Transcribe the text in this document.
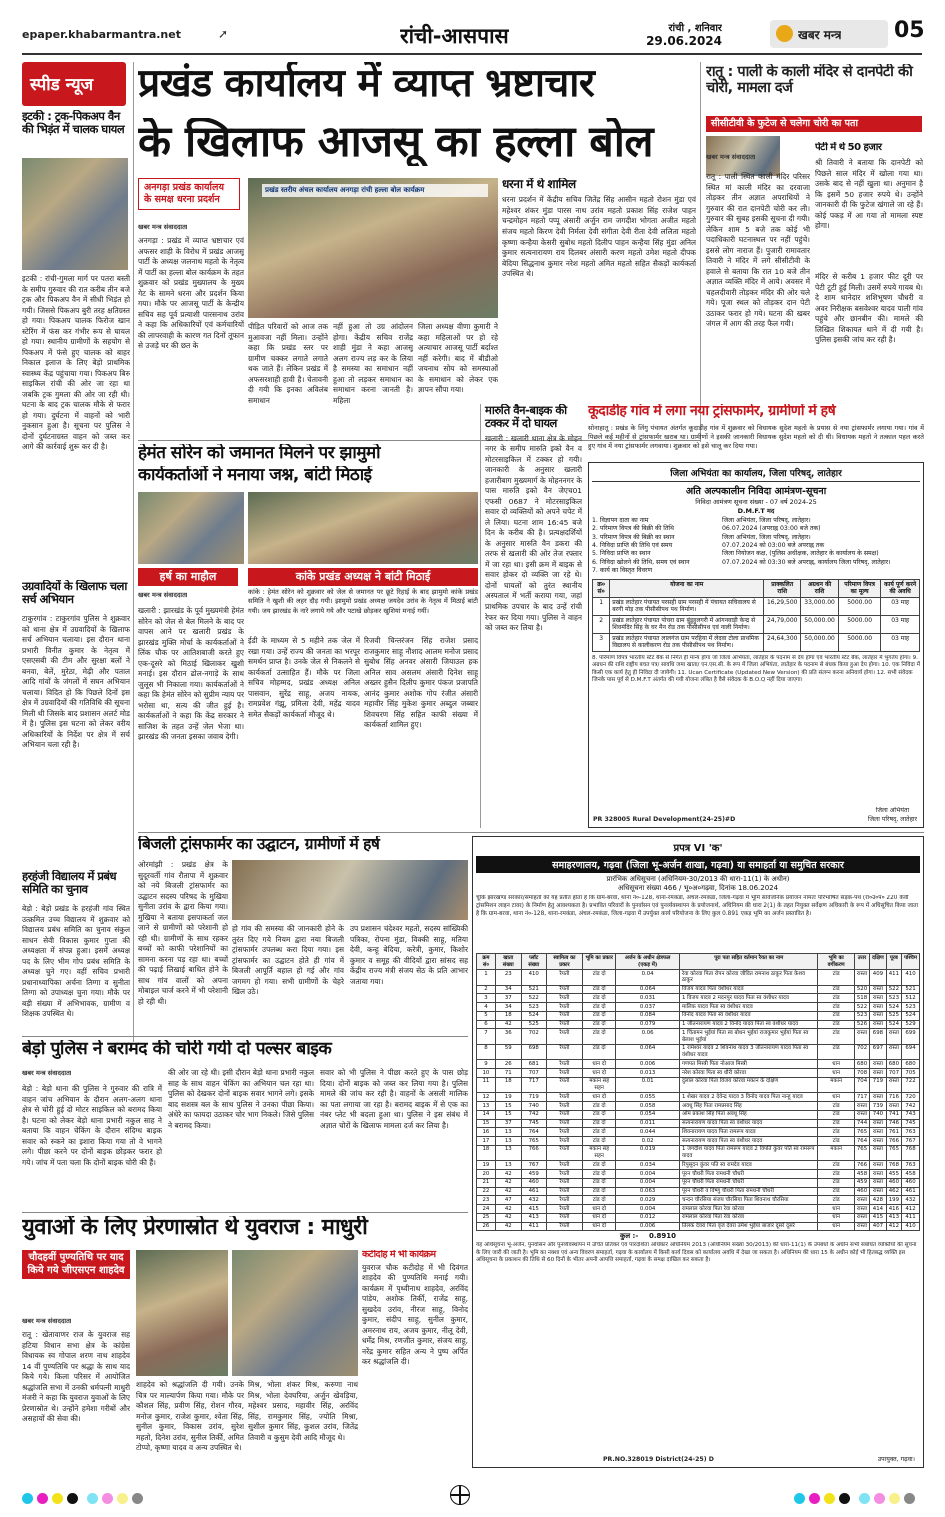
epaper.khabarmantra.net	➚	रांची-आसपास	रांची , शनिवार
29.06.2024	खबर मन्त्र 05
स्पीड न्यूज
इटकी : ट्रक-पिकअप वैन की भिड़ंत में चालक घायल
इटकी : रांची-गुमला मार्ग पर पतरा बस्ती के समीप गुरुवार की रात करीब तीन बजे ट्रक और पिकअप वैन में सीधी भिड़ंत हो गयी। जिससे पिकअप बुरी तरह क्षतिग्रस्त हो गया। पिकअप चालक फिरोज खान स्टेरिंग में फंस कर गंभीर रूप से घायल हो गया। स्थानीय ग्रामीणों के सहयोग से पिकअप में फंसे हुए चालक को बाहर निकाल इलाज के लिए बेड़ो प्राथमिक स्वास्थ्य केंद्र पहुंचाया गया। पिकअप बिरु साइकिल रांची की ओर जा रहा था जबकि ट्रक गुमला की ओर जा रही थी। घटना के बाद ट्रक चालक मौके से फरार हो गया। दुर्घटना में वाहनों को भारी नुकसान हुआ है। सूचना पर पुलिस ने दोनों दुर्घटनाग्रस्त वाहन को जब्त कर आगे की कार्रवाई शुरू कर दी है।
उग्रवादियों के खिलाफ चला सर्च अभियान
टाकुरगांव : टाकुरगांव पुलिस ने शुक्रवार को थाना क्षेत्र में उग्रवादियों के खिलाफ सर्च अभियान चलाया। इस दौरान थाना प्रभारी विनीत कुमार के नेतृत्व में एसएसबी की टीम और सुरक्षा बलों ने बनवा, बेलें, मुरेठा, मेढ़ी और पताल आदि गांवों के जंगलों में सघन अभियान चलाया। विदित हो कि पिछले दिनों इस क्षेत्र में उग्रवादियों की गतिविधि की सूचना मिली थी जिसके बाद प्रशासन अलर्ट मोड में है। पुलिस इस घटना को लेकर वरीय अधिकारियों के निर्देश पर क्षेत्र में सर्च अभियान चला रही है।
हरहंजी विद्यालय में प्रबंध समिति का चुनाव
बेड़ो : बेड़ो प्रखंड के हरहंजी गांव स्थित उत्क्रमित उच्च विद्यालय में शुक्रवार को विद्यालय प्रबंध समिति का चुनाव संकुल साधन सेवी विकास कुमार गुप्ता की अध्यक्षता में संपन्न हुआ। इसमें अध्यक्ष पद के लिए भीम गोप प्रबंध समिति के अध्यक्ष चुने गए। वहीं सचिव प्रभारी प्रधानाध्यापिका अर्चना तिग्गा व सुनीता तिग्गा को उपाध्यक्ष चुना गया। मौके पर बड़ी संख्या में अभिभावक, ग्रामीण व शिक्षक उपस्थित थे।
प्रखंड कार्यालय में व्याप्त भ्रष्टाचार
के खिलाफ आजसू का हल्ला बोल
अनगड़ा प्रखंड कार्यालय के समक्ष धरना प्रदर्शन
खबर मन्त्र संवाददाता
अनगड़ा : प्रखंड में व्याप्त भ्रष्टाचार एवं अफसर शाही के विरोध में प्रखंड आजसू पार्टी के अध्यक्ष जलनाथ महतो के नेतृत्व में पार्टी का हल्ला बोल कार्यक्रम के तहत शुक्रवार को प्रखंड मुख्यालय के मुख्य गेट के सामने धरना और प्रदर्शन किया गया। मौके पर आजसू पार्टी के केन्द्रीय सचिव सह पूर्व प्रत्याशी पारसनाथ उरांव ने कहा कि अधिकारियों एवं कर्मचारियों की लापरवाही के कारण गत दिनों तूफान से उजड़े घर की छत के
प्रखंड स्तरीय अंचल कार्यालय अनगड़ा रांची हल्ला बोल कार्यक्रम
पीड़ित परिवारों को आज तक मुआवजा नहीं मिला। उन्होंने कहा कि प्रखंड स्तर पर ग्रामीण चक्कर लगाते लगाते थक जाते हैं। लेकिन प्रखंड में अफसरशाही हावी है। चेतावनी दी गयी कि इनका अविलंब समाधान
नहीं हुआ तो उग्र आंदोलन होगा। केंद्रीय सचिव राजेंद्र शाही मुंडा ने कहा आजसू अलग राज्य लड़ कर के लिया है समस्या का समाधान नहीं हुआ तो लड़कर समाधान का समाधान करना जानती है। महिला
जिला अध्यक्ष वीणा कुमारी ने कहा महिलाओं पर हो रहे अत्याचार आजसू पार्टी बर्दाश्त नहीं करेगी। बाद में बीडीओ जयनाथ सोय को समस्याओं के समाधान को लेकर एक ज्ञापन सौंपा गया।
धरना में थे शामिल
धरना प्रदर्शन में केंद्रीय सचिव जितेंद्र सिंह आसीन महतो रोशन मुंडा एवं महेश्वर शंकर मुंडा पारस नाथ उरांव महतो प्रकाश सिंह राजेश पाहन चन्द्रमोहन महतो पप्पू अंसारी अर्जुन राम जगदीश भोगता अजीत महतो संजय महतो किरण देवी निर्मला देवी संगीता देवी रीता देवी ललिता महतो कृष्णा कन्हैया केसरी सुबोध महतो दिलीप पाहन कन्हैया सिंह मुंडा अनिल कुमार सत्यनारायण राय दिलबर अंसारी करण महतो उमेश महतो दीपक बेदिया सिद्धनाथ कुमार नरेश महतो अमित महतो सहित सैकड़ों कार्यकर्ता उपस्थित थे।
रातू : पाली के काली मंदिर से दानपेटी की चोरी, मामला दर्ज
सीसीटीवी के फुटेज से चलेगा चोरी का पता
खबर मन्त्र संवाददाता
रातू : पाली स्थित काली मंदिर परिसर स्थित मां काली मंदिर का दरवाजा तोड़कर तीन अज्ञात अपराधियों ने गुरुवार की रात दानपेटी चोरी कर ली। गुरुवार की सुबह इसकी सूचना दी गयी। लेकिन शाम 5 बजे तक कोई भी पदाधिकारी घटनास्थल पर नहीं पहुंचे। इससे लोग नाराज हैं। पुजारी रामावतार तिवारी ने मंदिर में लगे सीसीटीवी के हवाले से बताया कि रात 10 बजे तीन अज्ञात व्यक्ति मंदिर में आये। अवसर में चहलदीवारी तोड़कर मंदिर की ओर चले गये। पूजा स्थल को तोड़कर दान पेटी उठाकर फरार हो गये। घटना की खबर जंगल में आग की तरह फैल गयी।
पेटी में थे 50 हजार
श्री तिवारी ने बताया कि दानपेटी को पिछले साल मंदिर में खोला गया था। उसके बाद से नहीं खुला था। अनुमान है कि इसमें 50 हजार रुपये थे। उन्होंने जानकारी दी कि फुटेज खंगाले जा रहे हैं। कोई पकड़ में आ गया तो मामला स्पष्ट होगा।
मंदिर से करीब 1 हजार फीट दूरी पर पेटी टूटी हुई मिली। उसमें रुपये गायब थे। दे शाम थानेदार शशिभूषण चौधरी व अवर निरीक्षक बसवेश्वर यादव पाली गांव पहुंचे और छानबीन की। मामले की लिखित शिकायत थाने में दी गयी है। पुलिस इसकी जांच कर रही है।
हेमंत सोरेन को जमानत मिलने पर झामुमो
कार्यकर्ताओं ने मनाया जश्न, बांटी मिठाई
हर्ष का माहौल	कांके प्रखंड अध्यक्ष ने बांटी मिठाई
कांके : हेमंत सोरेन को शुक्रवार को जेल से जमानत पर छूटे रिहाई के बाद झामुमो कांके प्रखंड समिति ने खुशी की लहर दौड़ गयी। झामुमो प्रखंड अध्यक्ष जयदेव उरांव के नेतृत्व में मिठाई बांटी गयी। जय झारखंड के नारे लगाये गये और पटाखे छोड़कर खुशियां मनाई गयीं।
खबर मन्त्र संवाददाता
खलारी : झारखंड के पूर्व मुख्यमंत्री हेमंत सोरेन को जेल से बेल मिलने के बाद पर वापस आने पर खलारी प्रखंड के झारखंड मुक्ति मोर्चा के कार्यकर्ताओं ने लिंक चौक पर आतिशबाजी करते हुए एक-दूसरे को मिठाई खिलाकर खुशी मनाई। इस दौरान ढोल-नगाड़े के साथ जुलूस भी निकाला गया। कार्यकर्ताओं ने कहा कि हेमंत सोरेन को सुप्रीम न्याय पर भरोसा था, सत्य की जीत हुई है। कार्यकर्ताओं ने कहा कि केंद्र सरकार ने साजिश के तहत उन्हें जेल भेजा था। झारखंड की जनता इसका जवाब देगी।
ईडी के माध्यम से 5 महीने तक जेल में रखा गया। उन्हें राज्य की जनता का भरपूर समर्थन प्राप्त है। उनके जेल से निकलने से कार्यकर्ता उत्साहित हैं। मौके पर जिला सचिव मोहम्मद, प्रखंड अध्यक्ष अनिल पासवान, सुरेंद्र साहू, अजय नायक, रामप्रवेश गंझू, प्रमिला देवी, महेंद्र यादव समेत सैकड़ों कार्यकर्ता मौजूद थे।
रिजवी चिन्तरंजन सिंह राजेश प्रसाद राजकुमार साहू नौशाद आलम मनोज प्रसाद सुबोध सिंह अनवर अंसारी जियाउल हक अनिल साव असलम अंसारी दिनेश साहू अख्तर हुसैन दिलीप कुमार पंकज प्रजापति आनंद कुमार अशोक गोप रंजीत अंसारी महावीर सिंह मुकेश कुमार अब्दुल जब्बार शिवचरण सिंह सहित काफी संख्या में कार्यकर्ता शामिल हुए।
मारुति वैन-बाइक की टक्कर में दो घायल
खलारी : खलारी थाना क्षेत्र के मोहन नगर के समीप मारुति इको वैन व मोटरसाइकिल में टक्कर हो गयी। जानकारी के अनुसार खलारी हजारीबाग मुख्यमार्ग के मोहननगर के पास मारुति इको वैन जेएच01 एफसी 0687 ने मोटरसाइकिल सवार दो व्यक्तियों को अपने चपेट में ले लिया। घटना शाम 16:45 बजे दिन के करीब की है। प्रत्यक्षदर्शियों के अनुसार मारुति वैन डकरा की तरफ से खलारी की ओर तेज रफ्तार में जा रहा था। इसी क्रम में बाइक से सवार होकर दो व्यक्ति जा रहे थे। दोनों घायलों को तुरंत स्थानीय अस्पताल में भर्ती कराया गया, जहां प्राथमिक उपचार के बाद उन्हें रांची रेफर कर दिया गया। पुलिस ने वाहन को जब्त कर लिया है।
कूदाडीह गांव में लगा नया ट्रांसफार्मर, ग्रामीणों में हर्ष
सोनाहातू : प्रखंड के लिंगु पंचायत अंतर्गत कूदाडीह गांव में शुक्रवार को विधायक सुदेश महतो के प्रयास से नया ट्रांसफार्मर लगाया गया। गांव में पिछले कई महीनों से ट्रांसफार्मर खराब था। ग्रामीणों ने इसकी जानकारी विधायक सुदेश महतो को दी थी। विधायक महतो ने तत्काल पहल करते हुए गांव में नया ट्रांसफार्मर लगवाया। शुक्रवार को इसे चालू कर दिया गया।
जिला अभियंता का कार्यालय, जिला परिषद्, लातेहार
अति अल्पकालीन निविदा आमंत्रण-सूचना
निविदा आमंत्रण सूचना संख्या - 07 वर्ष 2024-25
D.M.F.T मद
1. विज्ञापन दाता का नाम	जिला अभियंता, जिला परिषद्, लातेहार।
2. परिमाण विपत्र की बिक्री की तिथि	06.07.2024 (अपराह्न 03:00 बजे तक)
3. परिमाण विपत्र की बिक्री का स्थान	जिला अभियंता, जिला परिषद्, लातेहार।
4. निविदा प्राप्ति की तिथि एवं समय	07.07.2024 को 03:00 बजे अपराह्न तक
5. निविदा प्राप्ति का स्थान	जिला नियोजन कक्ष, (पुलिस अधीक्षक, लातेहार के कार्यालय के समक्ष)
6. निविदा खोलने की तिथि, समय एवं स्थान	07.07.2024 को 03:30 बजे अपराह्न, कार्यालय जिला परिषद्, लातेहार।
7. कार्य का विस्तृत विवरण
क्र० सं०	योजना का नाम	प्राक्कलित राशि	अग्रधन की राशि	परिमाण विपत्र का मूल्य	कार्य पूर्ण करने की अवधि
1	प्रखंड लातेहार पंचायत परसही ग्राम परसही में पंचायत सचिवालय से बरगी मोड़ तक पीसीसीपथ पथ निर्माण।	16,29,500	33,000.00	5000.00	03 माह
2	प्रखंड लातेहार पंचायत पोचरा ग्राम बुंडुहुलगरी में आंगनवाड़ी केन्द्र से शिवमंदिर सिंह के घर मैन रोड तक पीसीसीपथ एवं नाली निर्माण।	24,79,000	50,000.00	5000.00	03 माह
3	प्रखंड लातेहार पंचायत लालगंज ग्राम परहिया में लेदवा टोला प्राथमिक विद्यालय से कालीकरण रोड तक पीसीसीपथ पथ निर्माण।	24,64,300	50,000.00	5000.00	03 माह
8. परिमाण विपत्र भारतीय स्टेट बैंक से निर्गत ही मान्य होगा जो जिला अभियंता, लातेहार के पदनाम से देय होगा एवं भारतीय स्टेट बैंक, लातेहार में भुगतेय होगा। 9. अग्रधन की राशि राष्ट्रीय बचत पत्र/ सावधि जमा खाता/ एन.एस.सी. के रूप में जिला अभियंता, लातेहार के पदनाम से बंधक किया हुआ देय होगा। 10. एक निविदा में किसी एक कार्य हेतु ही निविदा दी जायेगी। 11. Ucan Certificate (Updated New Version) की प्रति संलग्न करना अनिवार्य होगा। 12. सभी संवेदक जिनके पास पूर्व से D.M.F.T अंतर्गत की गयी योजना लंबित है वैसे संवेदक के B.O.Q नहीं दिया जाएगा।
PR 328005 Rural Development(24-25)#D
जिला अभियंता
जिला परिषद्, लातेहार
बिजली ट्रांसफार्मर का उद्घाटन, ग्रामीणों में हर्ष
ओरमांझी : प्रखंड क्षेत्र के सुदूरवर्ती गांव रौतापा में शुक्रवार को नये बिजली ट्रांसफार्मर का उद्घाटन सदस्य परिषद के मुखिया सुनीता उरांव के द्वारा किया गया। मुखिया ने बताया इसपाकर्ता जल जाने से ग्रामीणों को परेशानी हो रही थी। ग्रामीणों के साथ रहकर बच्चों को काफी परेशानियों का सामना करना पड़ रहा था। बच्चों की पढ़ाई लिखाई बाधित होने के साथ गांव वालों को अपना मोबाइल चार्ज करने में भी परेशानी हो रही थी।
हो गांव की समस्या की जानकारी होने के तुरंत दिए गये नियम द्वारा नया बिजली ट्रांसफार्मर उपलब्ध करा दिया गया। इस ट्रांसफार्मर का उद्घाटन होते ही गांव में बिजली आपूर्ति बहाल हो गई और गांव जगमग हो गया। सभी ग्रामीणों के चेहरे खिल उठे।
उप प्रशासन चंदेश्वर महतो, सदस्य सांख्यिकी पत्रिका, रोपना मुंडा, विक्की साहू, मतिया देवी, कन्हू बेदिया, करेत्री, कुमार, किशोर कुमार व समूह की वीदियों द्वारा सांसद सह केंद्रीय राज्य मंत्री संजय सेठ के प्रति आभार जताया गया।
प्रपत्र VI 'क'
समाहरणालय, गढ़वा (जिला भू-अर्जन शाखा, गढ़वा) या समाहर्ता या समुचित सरकार
प्रारंभिक अधिसूचना (अधिनियम-30/2013 की धारा-11(1) के अधीन)
अधिसूचना संख्या 466 / भू०अ०गढ़वा, दिनांक 18.06.2024
चूंकि झारखण्ड सरकार/समाहर्ता को यह प्रतीत होता है कि ग्राम-बरवा, थाना नं०-128, थाना-रमकंडा, अंचल-रमकंडा, जिला-गढ़वा में भूमि सार्वजनिक प्रयोजन नामतः परिभाषित सड़क-पथ (रा०उ०प० 220 केवी ट्रांसमिशन लाइन टावर) के निर्माण हेतु आवश्यकता है। प्रभावित परिवारों के पुनर्वासन एवं पुनर्व्यवस्थापन के प्रयोजनार्थ, अधिनियम की धारा 2(1) के तहत नियुक्त सर्वेक्षण अधिकारी के रूप में अधिसूचित किया जाता है कि ग्राम-बरवा, थाना नं०-128, थाना-रमकंडा, अंचल-रमकंडा, जिला-गढ़वा में उपर्युक्त कार्य परियोजना के लिए कुल 0.891 एकड़ भूमि का अर्जन प्रस्तावित है।
क्रम सं०	खाता संख्या	प्लॉट संख्या	स्वामित्व का प्रकार	भूमि का प्रकार	अर्जन के अधीन क्षेत्रफल (एकड़ में)	पूरा पता सहित वर्तमान रैयत का नाम	भूमि का वर्गीकरण	उत्तर	दक्षिण	पूरब	पश्चिम
1	23	410	रैयती	टांड दो	0.04	रेवा कोरवा पिता रोपन कोरवा जीवित रामनाथ ठाकुर पिता केशव ठाकुर	टांड	रास्ता	409	411	410
2	34	521	रैयती	टांड दो	0.064	विजय यादव पिता वंशीधर यादव	टांड	520	रास्ता	522	521
3	37	522	रैयती	टांड दो	0.031	1 विजय यादव 2 मदनपुर यादव पिता स्व वंशीधर यादव	टांड	518	रास्ता	523	512
4	34	523	रैयती	टांड दो	0.037	मालिक यादव पिता स्व वंशीधर यादव	टांड	522	रास्ता	524	523
5	18	524	रैयती	टांड दो	0.084	विनोद यादव पिता स्व वंशीधर यादव	टांड	523	रास्ता	525	524
6	42	525	रैयती	टांड दो	0.079	1 जीतनारायण यादव 2 विनोद यादव पिता स्व वंशीधर यादव	टांड	526	रास्ता	524	529
7	36	702	रैयती	टांड दो	0.06	1 चिंतामन भुईयां पिता स्व बोधन भुईयां राजकुमार भुईयां पिता स्व बेलाश भुईयां	टांड	रास्ता	698	रास्ता	699
8	59	698	रैयती	टांड दो	0.064	1 रामेश्वर यादव 2 शिवनाथ यादव 3 जीतनारायण यादव पिता स्व वंशीधर यादव	टांड	702	697	रास्ता	694
9	26	681	रैयती	धान दो	0.006	गणपत मिस्त्री पिता नोआज मिस्त्री	धान	680	रास्ता	680	680
10	71	707	रैयती	धान दो	0.013	नरेश कोरवा पिता स्व धौरी कोरवा	धान	708	रास्ता	707	705
11	18	717	रैयती	मकान सह सहन	0.01	दुलाल कोरवा पिता विजय कोरवा मकान के दक्षिण	मकान	704	719	रास्ता	722
12	19	719	रैयती	धान दो	0.055	1 शेखर यादव 2 देवेन्द्र यादव 3 विनोद यादव पिता नान्हू यादव	धान	717	रास्ता	716	720
13	15	740	रैयती	टांड दो	0.058	अवधू सिंह पिता रामप्रसाद सिंह	टांड	रास्ता	739	रास्ता	742
14	15	742	रैयती	टांड दो	0.054	ओम प्रकाश सिंह पिता अवधू सिंह	टांड	रास्ता	740	741	743
15	37	745	रैयती	टांड दो	0.011	सत्यनारायण यादव पिता स्व वंशीधर यादव	टांड	744	रास्ता	746	745
16	13	764	रैयती	टांड दो	0.044	शिवनारायण यादव पिता रामरूप यादव	टांड	765	रास्ता	761	763
17	13	765	रैयती	टांड दो	0.02	सत्यनारायण यादव पिता स्व वंशीधर यादव	टांड	764	रास्ता	766	767
18	13	766	रैयती	मकान सह सहन	0.019	1 जगदीश यादव पिता रामरूप यादव 2 विपति कुंवर पति स्व रामरूप यादव	मकान	765	रास्ता	765	768
19	13	767	रैयती	टांड दो	0.034	रिपुसूदन कुंवर पति स्व रामदेव यादव	टांड	766	रास्ता	768	763
20	42	459	रैयती	टांड दो	0.004	पूरन चौधरी पिता रामधनी चौधरी	टांड	458	रास्ता	455	458
21	42	460	रैयती	टांड दो	0.004	पूरन चौधरी पिता रामधनी चौधरी	टांड	459	रास्ता	460	460
22	42	461	रैयती	टांड दो	0.063	पूरन चौधरी व विष्णु चौधरी पिता रामधनी चौधरी	टांड	460	रास्ता	462	461
23	47	432	रैयती	टांड दो	0.029	चन्दन चौरसिया संजय चौरसिया पिता शिवनाथ चौरसिया	टांड	रास्ता	428	199	432
24	42	415	रैयती	धान दो	0.004	रामलाल कोरवा पिता रेवा कोरवा	धान	रास्ता	414	416	412
25	42	413	रैयती	धान दो	0.012	रामलाल कोरवा पिता रेवा कोरवा	धान	रास्ता	415	413	411
26	42	411	रैयती	धान दो	0.006	तिलक देवरा पिता वृज देवरा उमेश भुईयां बाजार दूसरे दूसरे	धान	रास्ता	407	412	410
कुल :- 0.8910
यह अधिसूचना भू-अर्जन, पुनर्वासन और पुनर्व्यवस्थापन में उचित प्रतिकर एवं पारदर्शिता अधिकार अधिनियम 2013 (अधिनियम संख्या 30/2013) की धारा-11(1) के उपबंधों के अधीन सभी संबंधित व्यक्तियों की सूचना के लिए जारी की जाती है। भूमि का नक्शा एवं अन्य विवरण समाहर्ता, गढ़वा के कार्यालय में किसी कार्य दिवस को कार्यालय अवधि में देखा जा सकता है। अधिनियम की धारा 15 के अधीन कोई भी हितबद्ध व्यक्ति इस अधिसूचना के प्रकाशन की तिथि से 60 दिनों के भीतर अपनी आपत्ति समाहर्ता, गढ़वा के समक्ष दाखिल कर सकता है।
PR.NO.328019 District(24-25) D	उपायुक्त, गढ़वा।
बेड़ो पुलिस ने बरामद की चोरी गयी दो पल्सर बाइक
खबर मन्त्र संवाददाता
बेड़ो : बेड़ो थाना की पुलिस ने गुरुवार की रात्रि में वाहन जांच अभियान के दौरान अलग-अलग थाना क्षेत्र से चोरी हुई दो मोटर साइकिल को बरामद किया है। घटना को लेकर बेड़ो थाना प्रभारी नकुल साह ने बताया कि वाहन चेकिंग के दौरान संदिग्ध बाइक सवार को रुकने का इशारा किया गया तो वे भागने लगे। पीछा करने पर दोनों बाइक छोड़कर फरार हो गये। जांच में पता चला कि दोनों बाइक चोरी की हैं।
की ओर जा रहे थी। इसी दौरान बेड़ो थाना प्रभारी नकुल साह के साथ वाहन चेकिंग का अभियान चल रहा था। पुलिस को देखकर दोनों बाइक सवार भागने लगे। इसके बाद सशस्त्र बल के साथ पुलिस ने उनका पीछा किया। अंधेरे का फायदा उठाकर चोर भाग निकले। जिसे पुलिस ने बरामद किया।
सवार को भी पुलिस ने पीछा करते हुए के पास छोड़ दिया। दोनों बाइक को जब्त कर लिया गया है। पुलिस मामले की जांच कर रही है। वाहनों के असली मालिक का पता लगाया जा रहा है। बरामद बाइक में से एक का नंबर प्लेट भी बदला हुआ था। पुलिस ने इस संबंध में अज्ञात चोरों के खिलाफ मामला दर्ज कर लिया है।
युवाओं के लिए प्रेरणास्रोत थे युवराज : माधुरी
चौदहवीं पुण्यतिथि पर याद किये गये जीएसएन शाहदेव
खबर मन्त्र संवाददाता
रातू : खेतावाणर राज के युवराज सह हटिया विधान सभा क्षेत्र के कांग्रेस विधायक स्व गोपाल शरण नाथ शाहदेव 14 वीं पुण्यतिथि पर श्रद्धा के साथ याद किये गये। किला परिसर में आयोजित श्रद्धांजलि सभा में उनकी धर्मपत्नी माधुरी मंजरी ने कहा कि युवराज युवाओं के लिए प्रेरणास्रोत थे। उन्होंने हमेशा गरीबों और असहायों की सेवा की।
शाहदेव को श्रद्धांजलि दी गयी। उनके चित्र पर माल्यार्पण किया गया। मौके पर कौशल सिंह, प्रवीण सिंह, रोशन गौरव, मनोज कुमार, राजेश कुमार, श्वेता सिंह, सुनील कुमार, विकास उरांव, सुरेश महतो, दिनेश उरांव, सुनील तिर्की, अमित टोप्पो, कृष्णा यादव व अन्य उपस्थित थे।
मिश्र, भोला शंकर मिश्र, करुणा नाथ मिश्र, भोला देवघरिया, अर्जुन खेवड़िया, महेश्वर प्रसाद, महावीर सिंह, अरविंद सिंह, रामकुमार सिंह, ज्योति मिश्रा, सुशील कुमार सिंह, कुशल उरांव, जितेंद्र तिवारी व कुसुम देवी आदि मौजूद थे।
कटीदोह में भी कार्यक्रम
युवराज चौक कटीदोह में भी दिवंगत शाहदेव की पुण्यतिथि मनाई गयी। कार्यक्रम में पृथ्वीनाथ शाहदेव, अरविंद पांडेय, अशोक तिर्की, राजेंद्र साहू, सुखदेव उरांव, नीरज साहू, विनोद कुमार, संदीप साहू, सुनील कुमार, अमरनाथ राय, अजय कुमार, नीलू देवी, धर्मेंद्र मिश्र, रणजीत कुमार, संजय साहू, नरेंद्र कुमार सहित अन्य ने पुष्प अर्पित कर श्रद्धांजलि दी।
